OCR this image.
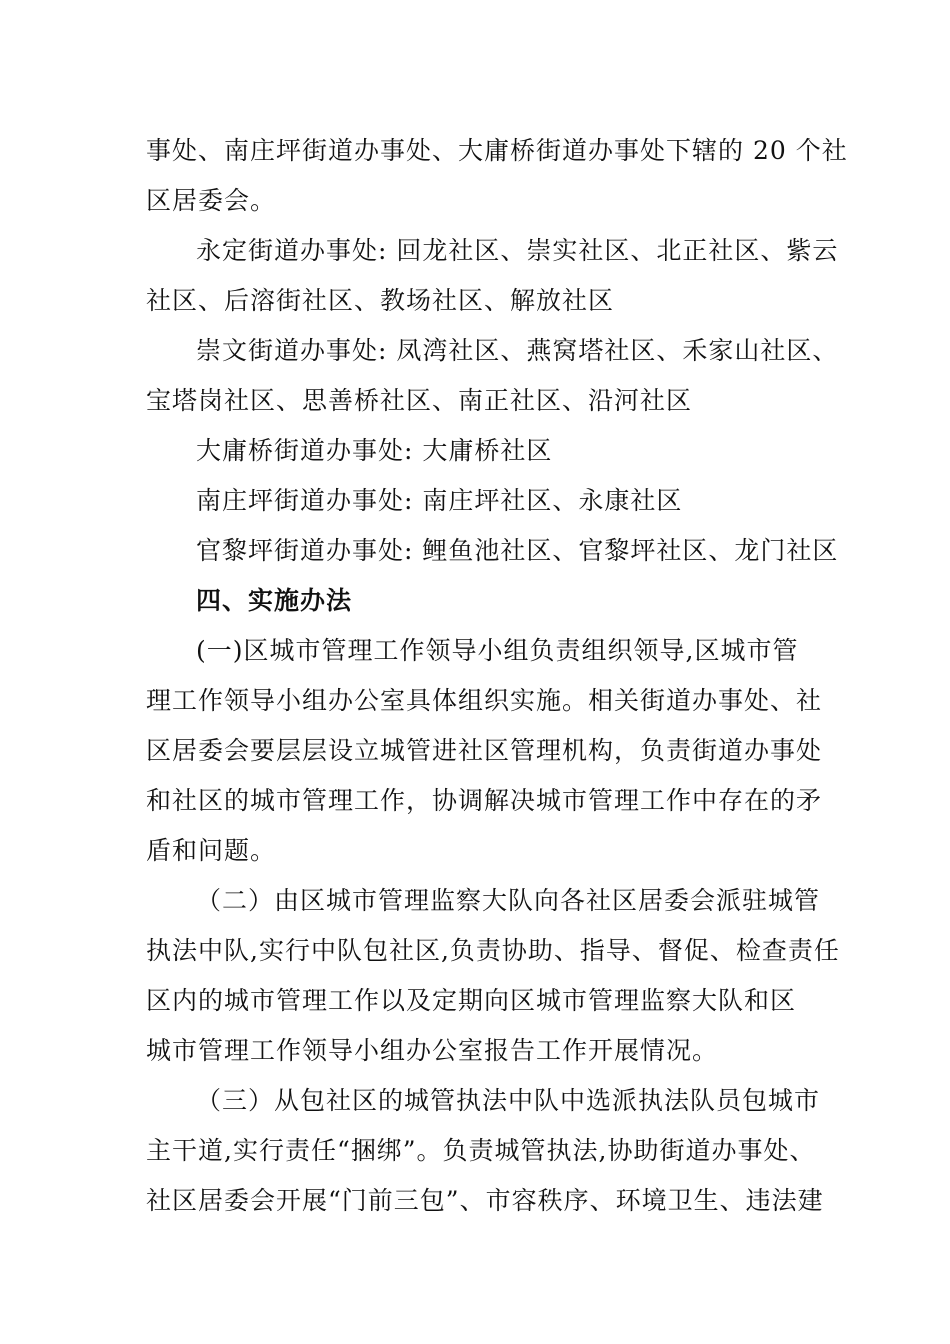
事处、南庄坪街道办事处、大庸桥街道办事处下辖的 20 个社
区居委会。
永定街道办事处: 回龙社区、崇实社区、北正社区、紫云
社区、后溶街社区、教场社区、解放社区
崇文街道办事处: 凤湾社区、燕窝塔社区、禾家山社区、
宝塔岗社区、思善桥社区、南正社区、沿河社区
大庸桥街道办事处: 大庸桥社区
南庄坪街道办事处: 南庄坪社区、永康社区
官黎坪街道办事处: 鲤鱼池社区、官黎坪社区、龙门社区
四、实施办法
(一)区城市管理工作领导小组负责组织领导,区城市管
理工作领导小组办公室具体组织实施。相关街道办事处、社
区居委会要层层设立城管进社区管理机构，负责街道办事处
和社区的城市管理工作，协调解决城市管理工作中存在的矛
盾和问题。
（二）由区城市管理监察大队向各社区居委会派驻城管
执法中队,实行中队包社区,负责协助、指导、督促、检查责任
区内的城市管理工作以及定期向区城市管理监察大队和区
城市管理工作领导小组办公室报告工作开展情况。
（三）从包社区的城管执法中队中选派执法队员包城市
主干道,实行责任“捆绑”。负责城管执法,协助街道办事处、
社区居委会开展“门前三包”、市容秩序、环境卫生、违法建
